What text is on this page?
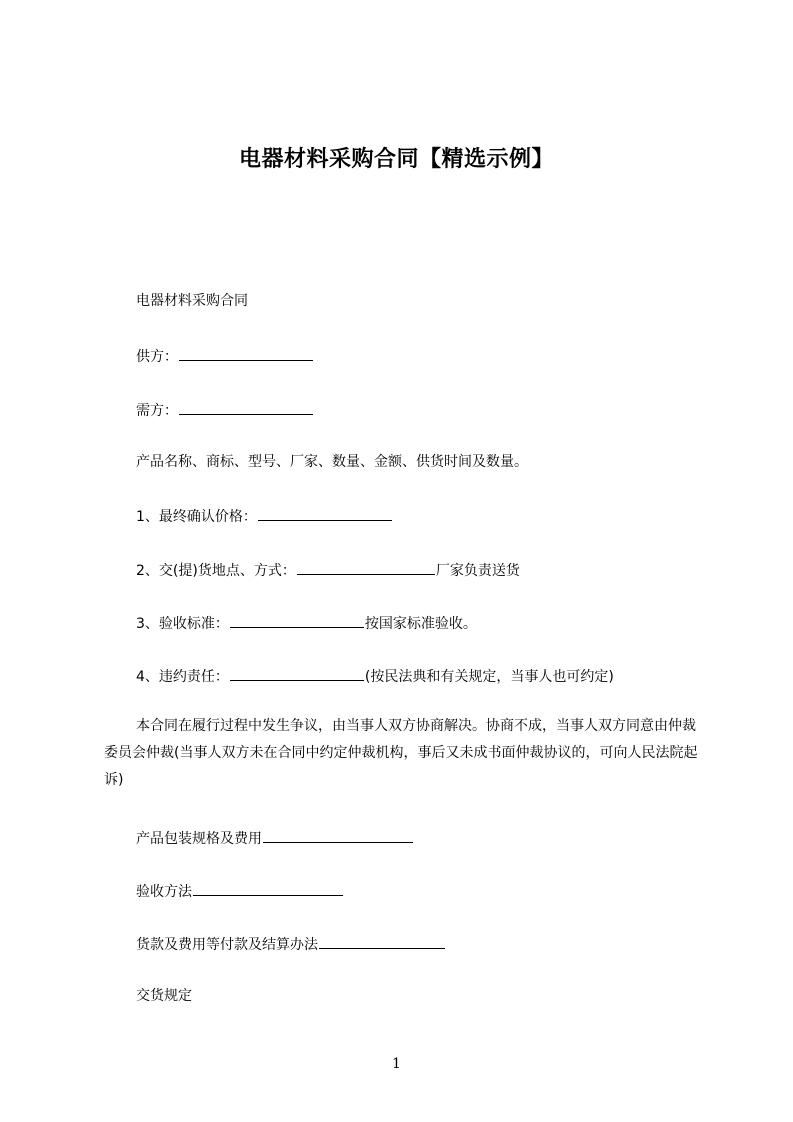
电器材料采购合同【精选示例】
电器材料采购合同
供方：
需方：
产品名称、商标、型号、厂家、数量、金额、供货时间及数量。
1、最终确认价格：
2、交(提)货地点、方式：	厂家负责送货
3、验收标准：	按国家标准验收。
4、违约责任：	(按民法典和有关规定，当事人也可约定)
本合同在履行过程中发生争议，由当事人双方协商解决。协商不成，当事人双方同意由仲裁委员会仲裁(当事人双方未在合同中约定仲裁机构，事后又未成书面仲裁协议的，可向人民法院起诉)
产品包装规格及费用
验收方法
货款及费用等付款及结算办法
交货规定
1
